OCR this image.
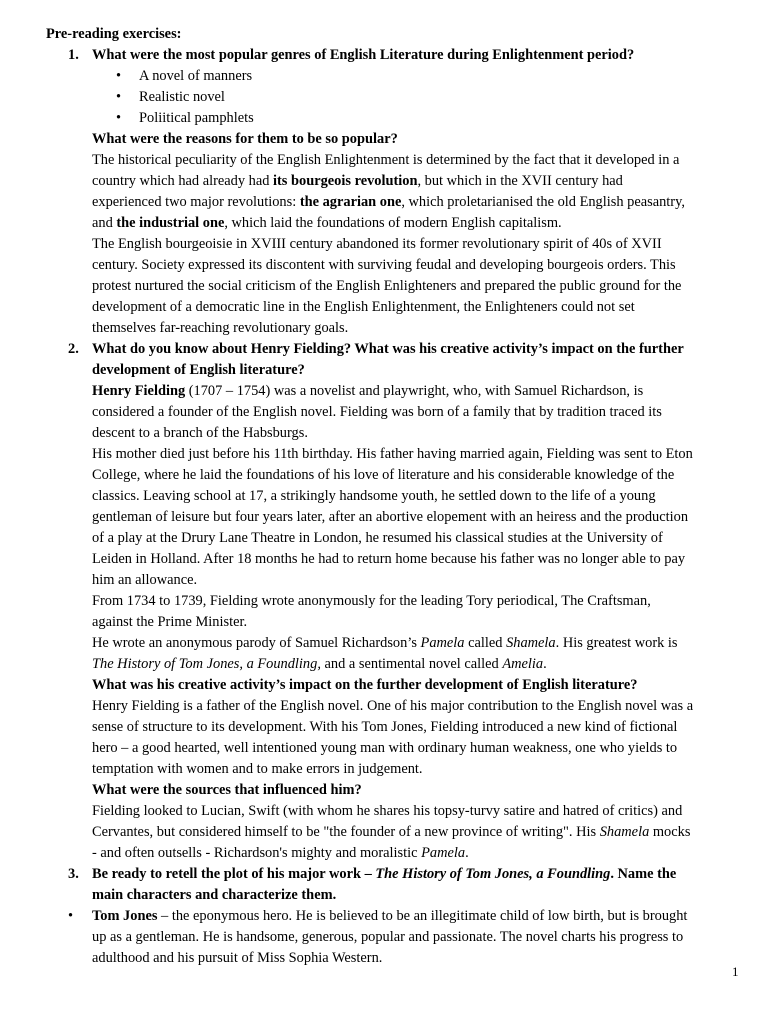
Pre-reading exercises:
1. What were the most popular genres of English Literature during Enlightenment period?
• A novel of manners
• Realistic novel
• Poliitical pamphlets
What were the reasons for them to be so popular?
The historical peculiarity of the English Enlightenment is determined by the fact that it developed in a
country which had already had its bourgeois revolution, but which in the XVII century had
experienced two major revolutions: the agrarian one, which proletarianised the old English peasantry,
and the industrial one, which laid the foundations of modern English capitalism.
The English bourgeoisie in XVIII century abandoned its former revolutionary spirit of 40s of XVII
century. Society expressed its discontent with surviving feudal and developing bourgeois orders. This
protest nurtured the social criticism of the English Enlighteners and prepared the public ground for the
development of a democratic line in the English Enlightenment, the Enlighteners could not set
themselves far-reaching revolutionary goals.
2. What do you know about Henry Fielding? What was his creative activity’s impact on the further
development of English literature?
Henry Fielding (1707 – 1754) was a novelist and playwright, who, with Samuel Richardson, is
considered a founder of the English novel. Fielding was born of a family that by tradition traced its
descent to a branch of the Habsburgs.
His mother died just before his 11th birthday. His father having married again, Fielding was sent to Eton
College, where he laid the foundations of his love of literature and his considerable knowledge of the
classics. Leaving school at 17, a strikingly handsome youth, he settled down to the life of a young
gentleman of leisure but four years later, after an abortive elopement with an heiress and the production
of a play at the Drury Lane Theatre in London, he resumed his classical studies at the University of
Leiden in Holland. After 18 months he had to return home because his father was no longer able to pay
him an allowance.
From 1734 to 1739, Fielding wrote anonymously for the leading Tory periodical, The Craftsman,
against the Prime Minister.
He wrote an anonymous parody of Samuel Richardson’s Pamela called Shamela. His greatest work is
The History of Tom Jones, a Foundling, and a sentimental novel called Amelia.
What was his creative activity’s impact on the further development of English literature?
Henry Fielding is a father of the English novel. One of his major contribution to the English novel was a
sense of structure to its development. With his Tom Jones, Fielding introduced a new kind of fictional
hero – a good hearted, well intentioned young man with ordinary human weakness, one who yields to
temptation with women and to make errors in judgement.
What were the sources that influenced him?
Fielding looked to Lucian, Swift (with whom he shares his topsy-turvy satire and hatred of critics) and
Cervantes, but considered himself to be "the founder of a new province of writing". His Shamela mocks
- and often outsells - Richardson's mighty and moralistic Pamela.
3. Be ready to retell the plot of his major work – The History of Tom Jones, a Foundling. Name the
main characters and characterize them.
• Tom Jones – the eponymous hero. He is believed to be an illegitimate child of low birth, but is brought
up as a gentleman. He is handsome, generous, popular and passionate. The novel charts his progress to
adulthood and his pursuit of Miss Sophia Western.
1
